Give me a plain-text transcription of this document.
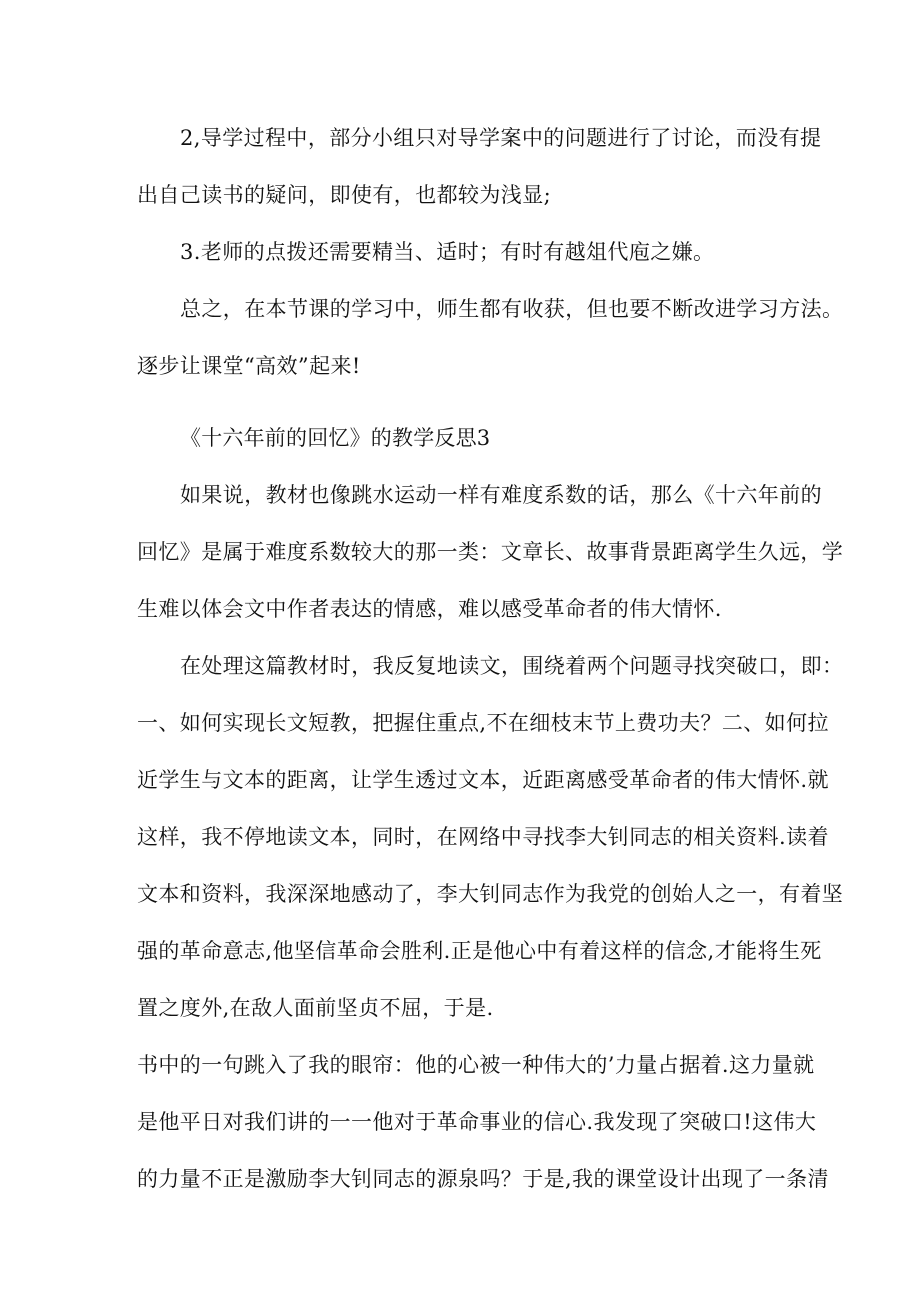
2,导学过程中，部分小组只对导学案中的问题进行了讨论，而没有提
出自己读书的疑问，即使有，也都较为浅显;
3.老师的点拨还需要精当、适时；有时有越俎代庖之嫌。
总之，在本节课的学习中，师生都有收获，但也要不断改进学习方法。
逐步让课堂“高效”起来!
《十六年前的回忆》的教学反思3
如果说，教材也像跳水运动一样有难度系数的话，那么《十六年前的
回忆》是属于难度系数较大的那一类：文章长、故事背景距离学生久远，学
生难以体会文中作者表达的情感，难以感受革命者的伟大情怀.
在处理这篇教材时，我反复地读文，围绕着两个问题寻找突破口，即：
一、如何实现长文短教，把握住重点,不在细枝末节上费功夫？二、如何拉
近学生与文本的距离，让学生透过文本，近距离感受革命者的伟大情怀.就
这样，我不停地读文本，同时，在网络中寻找李大钊同志的相关资料.读着
文本和资料，我深深地感动了，李大钊同志作为我党的创始人之一，有着坚
强的革命意志,他坚信革命会胜利.正是他心中有着这样的信念,才能将生死
置之度外,在敌人面前坚贞不屈，于是.
书中的一句跳入了我的眼帘：他的心被一种伟大的’力量占据着.这力量就
是他平日对我们讲的一一他对于革命事业的信心.我发现了突破口!这伟大
的力量不正是激励李大钊同志的源泉吗？于是,我的课堂设计出现了一条清
